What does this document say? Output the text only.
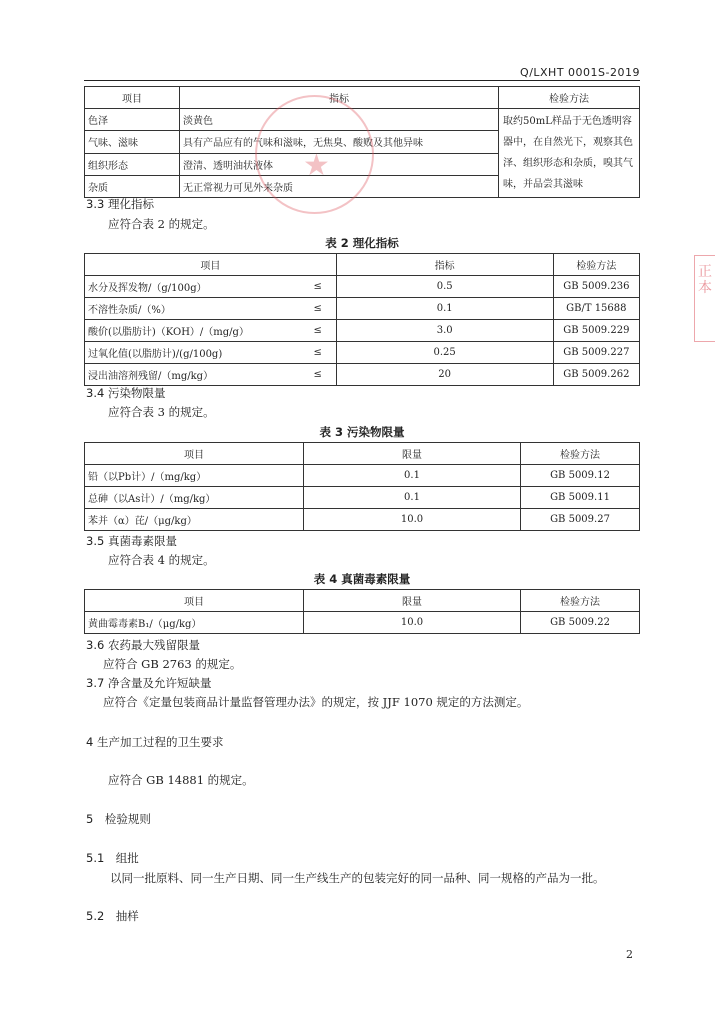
Q/LXHT 0001S-2019
项目	指标	检验方法
色泽	淡黄色	取约50mL样品于无色透明容器中，在自然光下，观察其色泽、组织形态和杂质，嗅其气味，并品尝其滋味
气味、滋味	具有产品应有的气味和滋味，无焦臭、酸败及其他异味	
组织形态	澄清、透明油状液体	
杂质	无正常视力可见外来杂质	
★
3.3 理化指标
应符合表 2 的规定。
表 2 理化指标
项目		指标	检验方法
水分及挥发物/（g/100g）	≤	0.5	GB 5009.236
不溶性杂质/（%）	≤	0.1	GB/T 15688
酸价(以脂肪计)（KOH）/（mg/g）	≤	3.0	GB 5009.229
过氧化值(以脂肪计)/(g/100g)	≤	0.25	GB 5009.227
浸出油溶剂残留/（mg/kg）	≤	20	GB 5009.262
3.4 污染物限量
应符合表 3 的规定。
表 3 污染物限量
项目	限量	检验方法
铅（以Pb计）/（mg/kg）	0.1	GB 5009.12
总砷（以As计）/（mg/kg）	0.1	GB 5009.11
苯并（α）芘/（μg/kg）	10.0	GB 5009.27
3.5 真菌毒素限量
应符合表 4 的规定。
表 4 真菌毒素限量
项目	限量	检验方法
黄曲霉毒素B₁/（μg/kg）	10.0	GB 5009.22
3.6 农药最大残留限量
应符合 GB 2763 的规定。
3.7 净含量及允许短缺量
应符合《定量包装商品计量监督管理办法》的规定，按 JJF 1070 规定的方法测定。
4 生产加工过程的卫生要求
应符合 GB 14881 的规定。
5　检验规则
5.1　组批
以同一批原料、同一生产日期、同一生产线生产的包装完好的同一品种、同一规格的产品为一批。
5.2　抽样
2
正本
